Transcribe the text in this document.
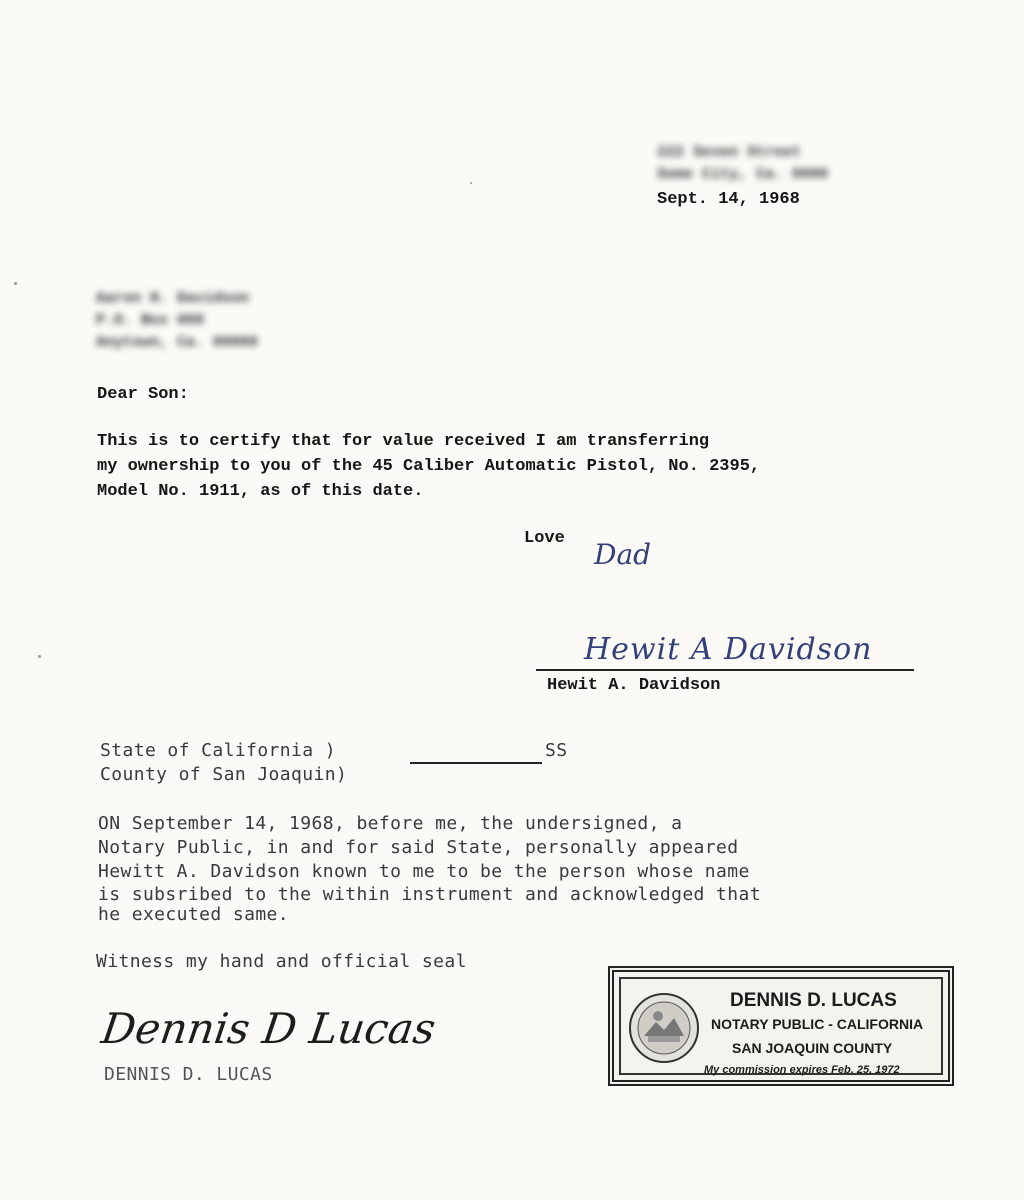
222 Seven Street
Some City, Ca. 0000
Sept. 14, 1968
Aaron H. Davidson
P.O. Box 000
Anytown, Ca. 00000
Dear Son:
This is to certify that for value received I am transferring
my ownership to you of the 45 Caliber Automatic Pistol, No. 2395,
Model No. 1911, as of this date.
Love Dad
Hewit A Davidson
Hewit A. Davidson
State of California )	SS
County of San Joaquin)
ON September 14, 1968, before me, the undersigned, a
Notary Public, in and for said State, personally appeared
Hewitt A. Davidson known to me to be the person whose name
is subsribed to the within instrument and acknowledged that
he executed same.
Witness my hand and official seal
Dennis D Lucas
DENNIS D. LUCAS
DENNIS D. LUCAS
NOTARY PUBLIC - CALIFORNIA
SAN JOAQUIN COUNTY
My commission expires Feb. 25, 1972
